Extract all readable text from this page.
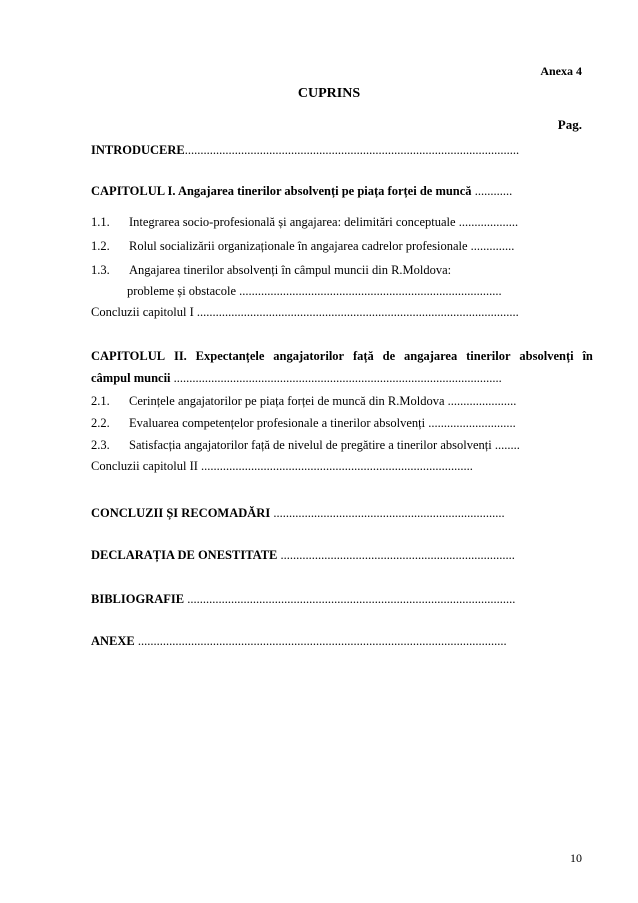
Anexa 4
CUPRINS
Pag.
INTRODUCERE...........................................................................................................
CAPITOLUL I. Angajarea tinerilor absolvenți pe piața forței de muncă ............
1.1. Integrarea socio-profesională și angajarea: delimitări conceptuale ...................
1.2. Rolul socializării organizaționale în angajarea cadrelor profesionale ..............
1.3. Angajarea tinerilor absolvenți în câmpul muncii din R.Moldova:
probleme și obstacole ....................................................................................
Concluzii capitolul I .......................................................................................................
CAPITOLUL II. Expectanțele angajatorilor față de angajarea tinerilor absolvenți în
câmpul muncii .........................................................................................................
2.1. Cerințele angajatorilor pe piața forței de muncă din R.Moldova ......................
2.2. Evaluarea competențelor profesionale a tinerilor absolvenți ............................
2.3. Satisfacția angajatorilor față de nivelul de pregătire a tinerilor absolvenți ........
Concluzii capitolul II .......................................................................................
CONCLUZII ȘI RECOMADĂRI ..........................................................................
DECLARAȚIA DE ONESTITATE ...........................................................................
BIBLIOGRAFIE .........................................................................................................
ANEXE ......................................................................................................................
10
